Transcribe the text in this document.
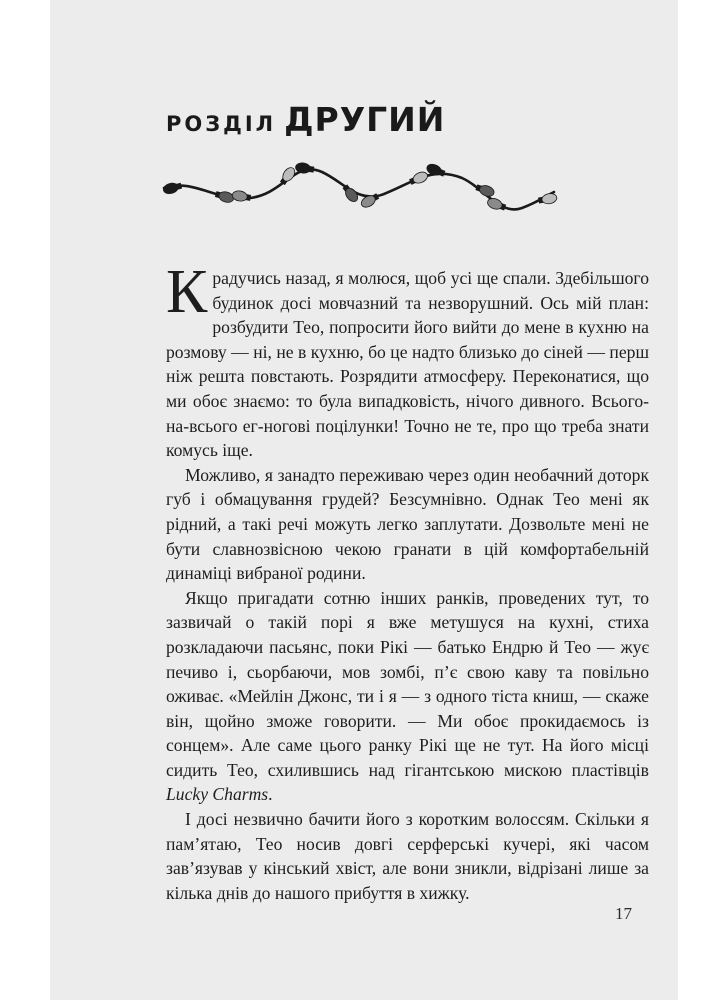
РОЗДІЛ ДРУГИЙ

Крадучись назад, я молюся, щоб усі ще спали. Здебільшого будинок досі мовчазний та незворушний. Ось мій план: розбудити Тео, попросити його вийти до мене в кухню на розмову — ні, не в кухню, бо це надто близько до сіней — перш ніж решта повстають. Розрядити атмосферу. Переконатися, що ми обоє знаємо: то була випадковість, нічого дивного. Всього-на-всього ег-ногові поцілунки! Точно не те, про що треба знати комусь іще.

Можливо, я занадто переживаю через один необачний доторк губ і обмацування грудей? Безсумнівно. Однак Тео мені як рідний, а такі речі можуть легко заплутати. Дозвольте мені не бути славнозвісною чекою гранати в цій комфортабельній динаміці вибраної родини.

Якщо пригадати сотню інших ранків, проведених тут, то зазвичай о такій порі я вже метушуся на кухні, стиха розкладаючи пасьянс, поки Рікі — батько Ендрю й Тео — жує печиво і, сьорбаючи, мов зомбі, п’є свою каву та повільно оживає. «Мейлін Джонс, ти і я — з одного тіста книш, — скаже він, щойно зможе говорити. — Ми обоє прокидаємось із сонцем». Але саме цього ранку Рікі ще не тут. На його місці сидить Тео, схилившись над гігантською мискою пластівців Lucky Charms.

І досі незвично бачити його з коротким волоссям. Скільки я пам’ятаю, Тео носив довгі серферські кучері, які часом зав’язував у кінський хвіст, але вони зникли, відрізані лише за кілька днів до нашого прибуття в хижку.

17
